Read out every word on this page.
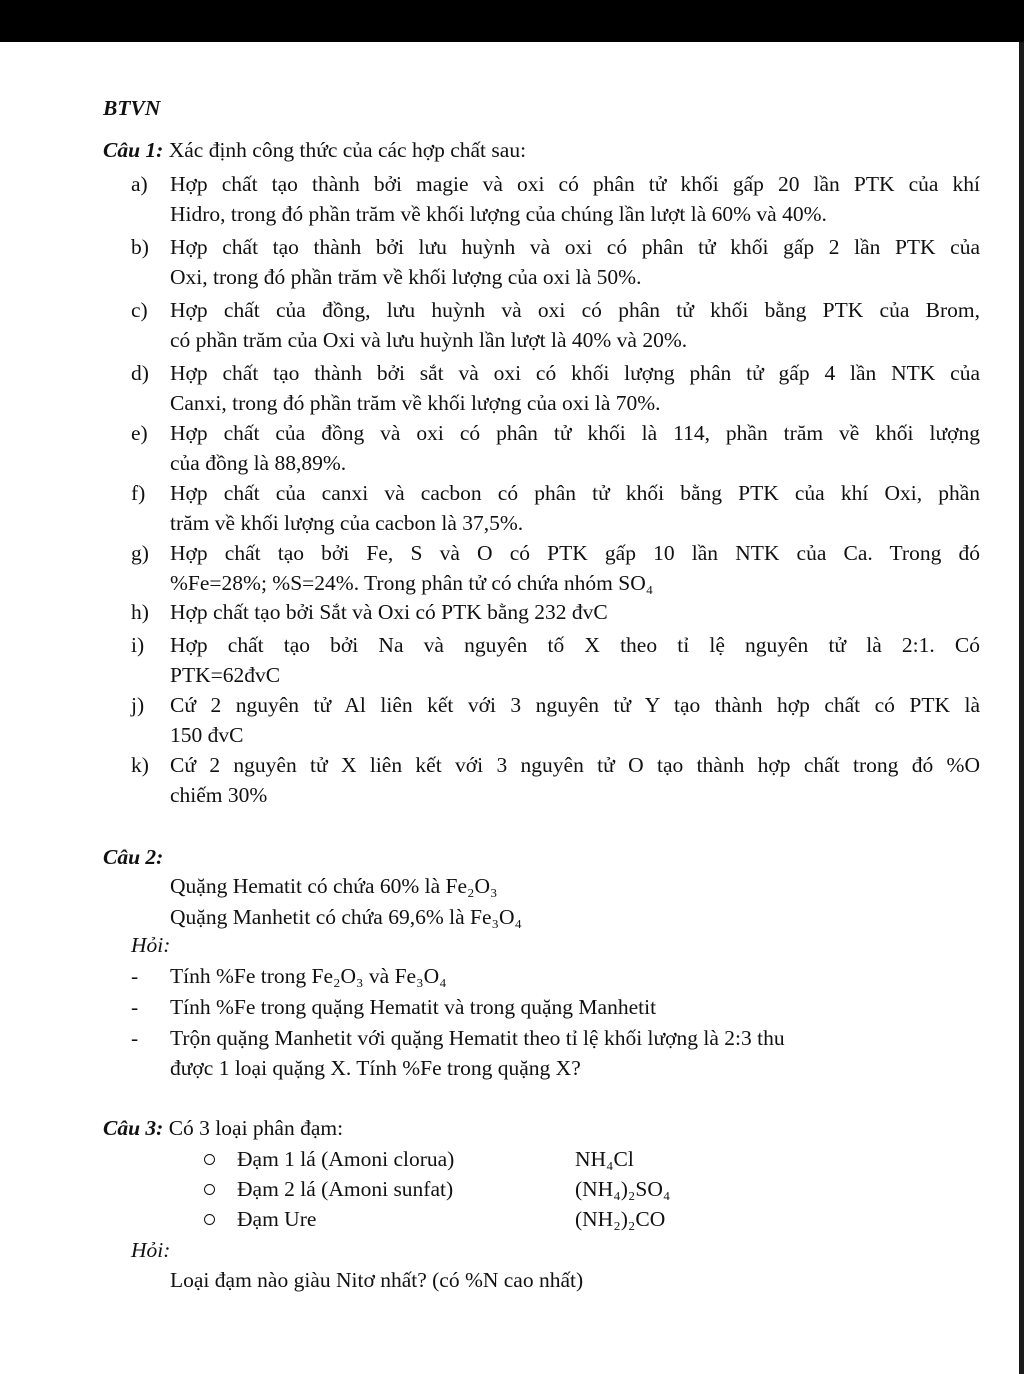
BTVN
Câu 1: Xác định công thức của các hợp chất sau:
a) Hợp chất tạo thành bởi magie và oxi có phân tử khối gấp 20 lần PTK của khí
Hidro, trong đó phần trăm về khối lượng của chúng lần lượt là 60% và 40%.
b) Hợp chất tạo thành bởi lưu huỳnh và oxi có phân tử khối gấp 2 lần PTK của
Oxi, trong đó phần trăm về khối lượng của oxi là 50%.
c) Hợp chất của đồng, lưu huỳnh và oxi có phân tử khối bằng PTK của Brom,
có phần trăm của Oxi và lưu huỳnh lần lượt là 40% và 20%.
d) Hợp chất tạo thành bởi sắt và oxi có khối lượng phân tử gấp 4 lần NTK của
Canxi, trong đó phần trăm về khối lượng của oxi là 70%.
e) Hợp chất của đồng và oxi có phân tử khối là 114, phần trăm về khối lượng
của đồng là 88,89%.
f) Hợp chất của canxi và cacbon có phân tử khối bằng PTK của khí Oxi, phần
trăm về khối lượng của cacbon là 37,5%.
g) Hợp chất tạo bởi Fe, S và O có PTK gấp 10 lần NTK của Ca. Trong đó
%Fe=28%; %S=24%. Trong phân tử có chứa nhóm SO₄
h) Hợp chất tạo bởi Sắt và Oxi có PTK bằng 232 đvC
i) Hợp chất tạo bởi Na và nguyên tố X theo tỉ lệ nguyên tử là 2:1. Có
PTK=62đvC
j) Cứ 2 nguyên tử Al liên kết với 3 nguyên tử Y tạo thành hợp chất có PTK là
150 đvC
k) Cứ 2 nguyên tử X liên kết với 3 nguyên tử O tạo thành hợp chất trong đó %O
chiếm 30%
Câu 2:
Quặng Hematit có chứa 60% là Fe₂O₃
Quặng Manhetit có chứa 69,6% là Fe₃O₄
Hỏi:
- Tính %Fe trong Fe₂O₃ và Fe₃O₄
- Tính %Fe trong quặng Hematit và trong quặng Manhetit
- Trộn quặng Manhetit với quặng Hematit theo tỉ lệ khối lượng là 2:3 thu
được 1 loại quặng X. Tính %Fe trong quặng X?
Câu 3: Có 3 loại phân đạm:
Đạm 1 lá (Amoni clorua)	NH₄Cl
Đạm 2 lá (Amoni sunfat)	(NH₄)₂SO₄
Đạm Ure	(NH₂)₂CO
Hỏi:
Loại đạm nào giàu Nitơ nhất? (có %N cao nhất)
